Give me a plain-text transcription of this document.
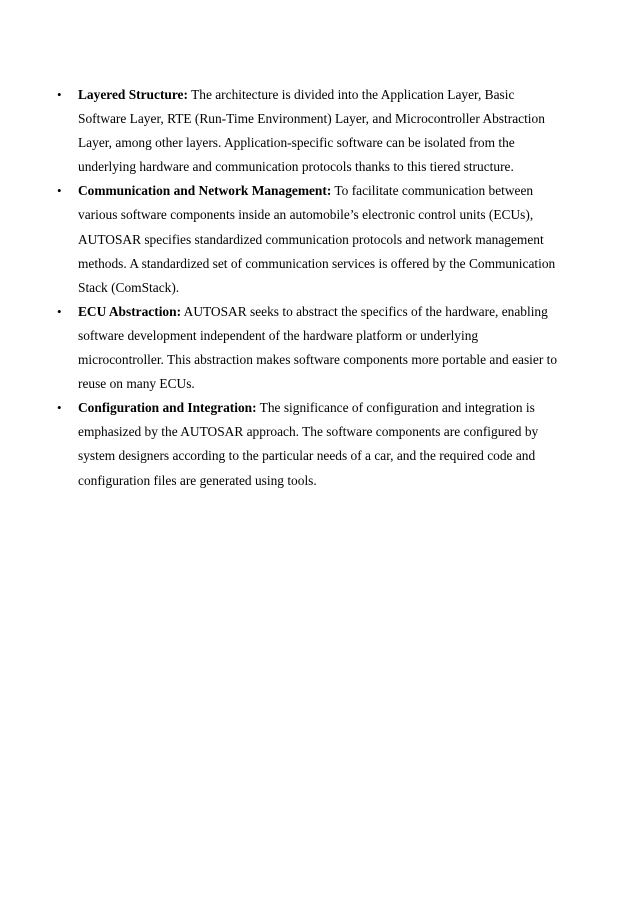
• Layered Structure: The architecture is divided into the Application Layer, Basic Software Layer, RTE (Run-Time Environment) Layer, and Microcontroller Abstraction Layer, among other layers. Application-specific software can be isolated from the underlying hardware and communication protocols thanks to this tiered structure.
• Communication and Network Management: To facilitate communication between various software components inside an automobile’s electronic control units (ECUs), AUTOSAR specifies standardized communication protocols and network management methods. A standardized set of communication services is offered by the Communication Stack (ComStack).
• ECU Abstraction: AUTOSAR seeks to abstract the specifics of the hardware, enabling software development independent of the hardware platform or underlying microcontroller. This abstraction makes software components more portable and easier to reuse on many ECUs.
• Configuration and Integration: The significance of configuration and integration is emphasized by the AUTOSAR approach. The software components are configured by system designers according to the particular needs of a car, and the required code and configuration files are generated using tools.
